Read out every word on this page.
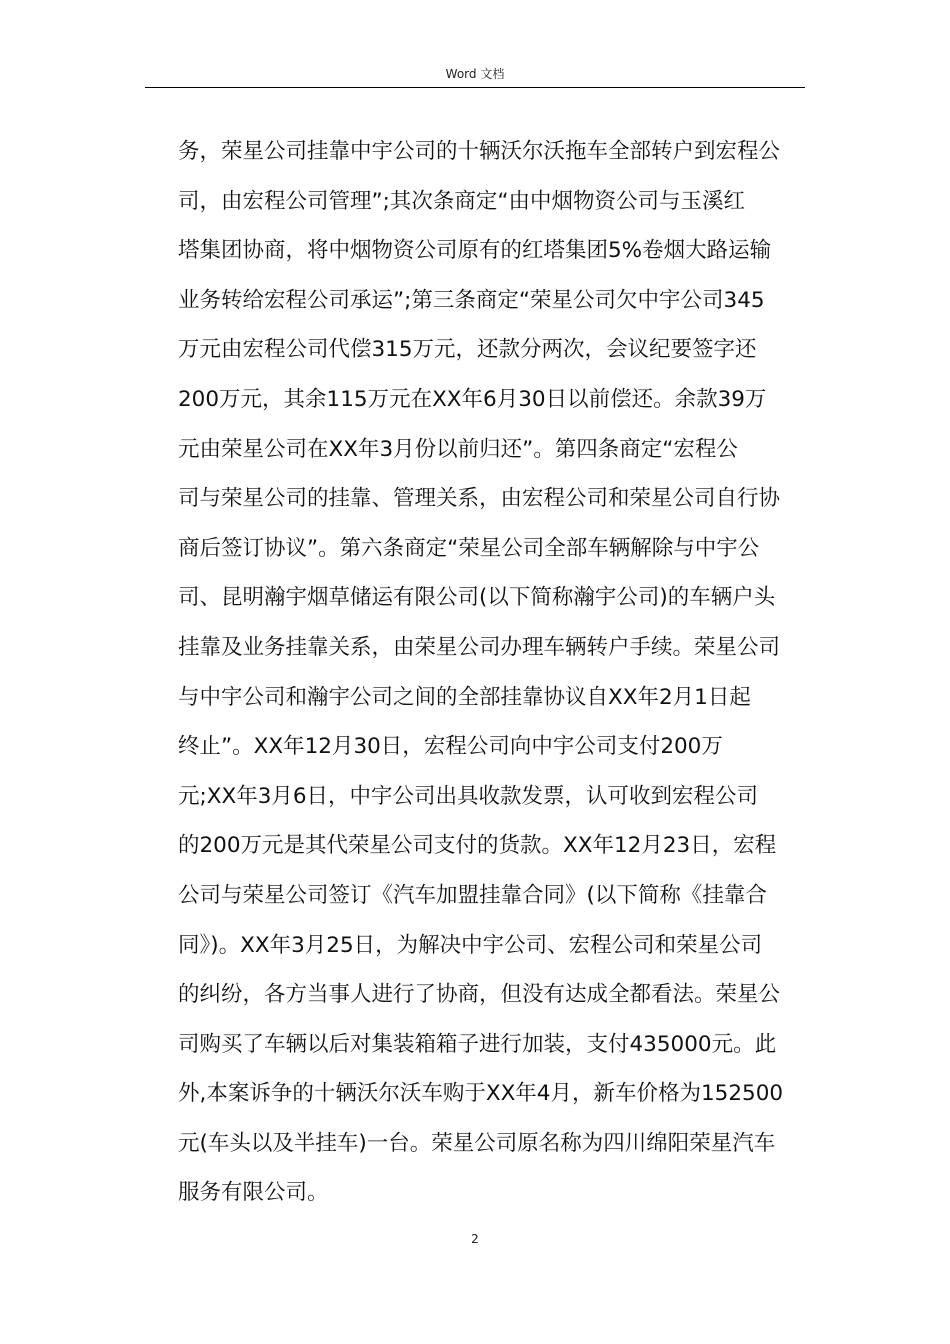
Word 文档
务，荣星公司挂靠中宇公司的十辆沃尔沃拖车全部转户到宏程公
司，由宏程公司管理”;其次条商定“由中烟物资公司与玉溪红
塔集团协商，将中烟物资公司原有的红塔集团5%卷烟大路运输
业务转给宏程公司承运”;第三条商定“荣星公司欠中宇公司345
万元由宏程公司代偿315万元，还款分两次，会议纪要签字还
200万元，其余115万元在XX年6月30日以前偿还。余款39万
元由荣星公司在XX年3月份以前归还”。第四条商定“宏程公
司与荣星公司的挂靠、管理关系，由宏程公司和荣星公司自行协
商后签订协议”。第六条商定“荣星公司全部车辆解除与中宇公
司、昆明瀚宇烟草储运有限公司(以下简称瀚宇公司)的车辆户头
挂靠及业务挂靠关系，由荣星公司办理车辆转户手续。荣星公司
与中宇公司和瀚宇公司之间的全部挂靠协议自XX年2月1日起
终止”。XX年12月30日，宏程公司向中宇公司支付200万
元;XX年3月6日，中宇公司出具收款发票，认可收到宏程公司
的200万元是其代荣星公司支付的货款。XX年12月23日，宏程
公司与荣星公司签订《汽车加盟挂靠合同》(以下简称《挂靠合
同》)。XX年3月25日，为解决中宇公司、宏程公司和荣星公司
的纠纷，各方当事人进行了协商，但没有达成全都看法。荣星公
司购买了车辆以后对集装箱箱子进行加装，支付435000元。此
外,本案诉争的十辆沃尔沃车购于XX年4月，新车价格为152500
元(车头以及半挂车)一台。荣星公司原名称为四川绵阳荣星汽车
服务有限公司。
2
